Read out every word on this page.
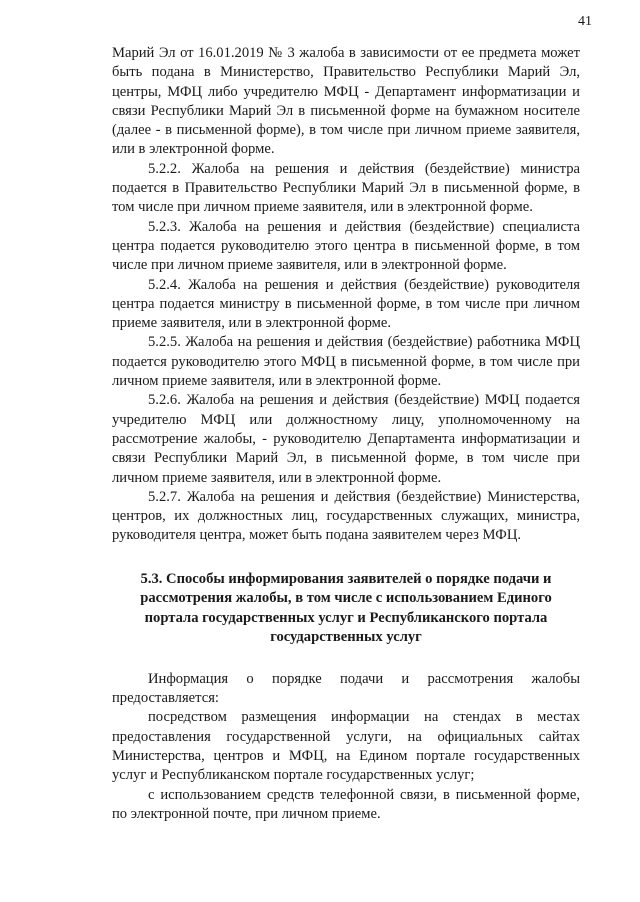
41

Марий Эл от 16.01.2019 № 3 жалоба в зависимости от ее предмета может быть подана в Министерство, Правительство Республики Марий Эл, центры, МФЦ либо учредителю МФЦ - Департамент информатизации и связи Республики Марий Эл в письменной форме на бумажном носителе (далее - в письменной форме), в том числе при личном приеме заявителя, или в электронной форме.

5.2.2. Жалоба на решения и действия (бездействие) министра подается в Правительство Республики Марий Эл в письменной форме, в том числе при личном приеме заявителя, или в электронной форме.

5.2.3. Жалоба на решения и действия (бездействие) специалиста центра подается руководителю этого центра в письменной форме, в том числе при личном приеме заявителя, или в электронной форме.

5.2.4. Жалоба на решения и действия (бездействие) руководителя центра подается министру в письменной форме, в том числе при личном приеме заявителя, или в электронной форме.

5.2.5. Жалоба на решения и действия (бездействие) работника МФЦ подается руководителю этого МФЦ в письменной форме, в том числе при личном приеме заявителя, или в электронной форме.

5.2.6. Жалоба на решения и действия (бездействие) МФЦ подается учредителю МФЦ или должностному лицу, уполномоченному на рассмотрение жалобы, - руководителю Департамента информатизации и связи Республики Марий Эл, в письменной форме, в том числе при личном приеме заявителя, или в электронной форме.

5.2.7. Жалоба на решения и действия (бездействие) Министерства, центров, их должностных лиц, государственных служащих, министра, руководителя центра, может быть подана заявителем через МФЦ.

5.3. Способы информирования заявителей о порядке подачи и рассмотрения жалобы, в том числе с использованием Единого портала государственных услуг и Республиканского портала государственных услуг

Информация о порядке подачи и рассмотрения жалобы предоставляется:

посредством размещения информации на стендах в местах предоставления государственной услуги, на официальных сайтах Министерства, центров и МФЦ, на Едином портале государственных услуг и Республиканском портале государственных услуг;

с использованием средств телефонной связи, в письменной форме, по электронной почте, при личном приеме.
